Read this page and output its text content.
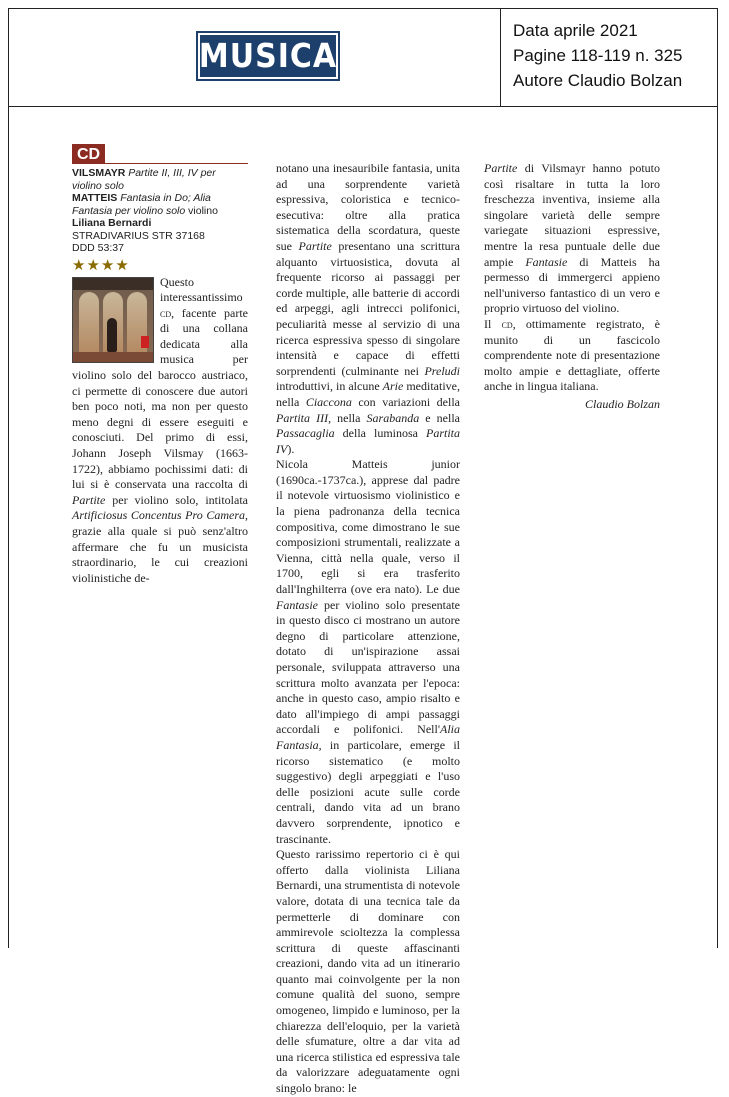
MUSICA
Data aprile 2021
Pagine 118-119 n. 325
Autore Claudio Bolzan
CD
VILSMAYR Partite II, III, IV per violino solo
MATTEIS Fantasia in Do; Alia Fantasia per violino solo violino Liliana Bernardi
STRADIVARIUS STR 37168
DDD 53:37
★ ★ ★ ★

Questo interessantissimo cd, facente parte di una collana dedicata alla musica per violino solo del barocco austriaco, ci permette di conoscere due autori ben poco noti, ma non per questo meno degni di essere eseguiti e conosciuti. Del primo di essi, Johann Joseph Vilsmay (1663-1722), abbiamo pochissimi dati: di lui si è conservata una raccolta di Partite per violino solo, intitolata Artificiosus Concentus Pro Camera, grazie alla quale si può senz'altro affermare che fu un musicista straordinario, le cui creazioni violinistiche de-

notano una inesauribile fantasia, unita ad una sorprendente varietà espressiva, coloristica e tecnico-esecutiva: oltre alla pratica sistematica della scordatura, queste sue Partite presentano una scrittura alquanto virtuosistica, dovuta al frequente ricorso ai passaggi per corde multiple, alle batterie di accordi ed arpeggi, agli intrecci polifonici, peculiarità messe al servizio di una ricerca espressiva spesso di singolare intensità e capace di effetti sorprendenti (culminante nei Preludi introduttivi, in alcune Arie meditative, nella Ciaccona con variazioni della Partita III, nella Sarabanda e nella Passacaglia della luminosa Partita IV).

Nicola Matteis junior (1690ca.-1737ca.), apprese dal padre il notevole virtuosismo violinistico e la piena padronanza della tecnica compositiva, come dimostrano le sue composizioni strumentali, realizzate a Vienna, città nella quale, verso il 1700, egli si era trasferito dall'Inghilterra (ove era nato). Le due Fantasie per violino solo presentate in questo disco ci mostrano un autore degno di particolare attenzione, dotato di un'ispirazione assai personale, sviluppata attraverso una scrittura molto avanzata per l'epoca: anche in questo caso, ampio risalto e dato all'impiego di ampi passaggi accordali e polifonici. Nell'Alia Fantasia, in particolare, emerge il ricorso sistematico (e molto suggestivo) degli arpeggiati e l'uso delle posizioni acute sulle corde centrali, dando vita ad un brano davvero sorprendente, ipnotico e trascinante.

Questo rarissimo repertorio ci è qui offerto dalla violinista Liliana Bernardi, una strumentista di notevole valore, dotata di una tecnica tale da permetterle di dominare con ammirevole scioltezza la complessa scrittura di queste affascinanti creazioni, dando vita ad un itinerario quanto mai coinvolgente per la non comune qualità del suono, sempre omogeneo, limpido e luminoso, per la chiarezza dell'eloquio, per la varietà delle sfumature, oltre a dar vita ad una ricerca stilistica ed espressiva tale da valorizzare adeguatamente ogni singolo brano: le

Partite di Vilsmayr hanno potuto così risaltare in tutta la loro freschezza inventiva, insieme alla singolare varietà delle sempre variegate situazioni espressive, mentre la resa puntuale delle due ampie Fantasie di Matteis ha permesso di immergerci appieno nell'universo fantastico di un vero e proprio virtuoso del violino.

Il cd, ottimamente registrato, è munito di un fascicolo comprendente note di presentazione molto ampie e dettagliate, offerte anche in lingua italiana.

Claudio Bolzan
